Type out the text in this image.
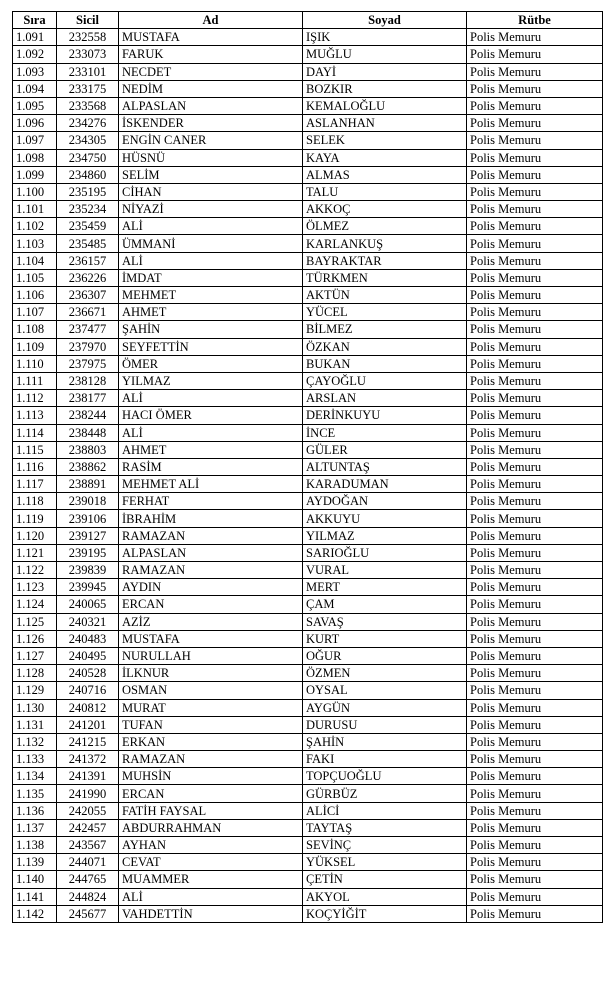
Sıra	Sicil	Ad	Soyad	Rütbe
1.091	232558	MUSTAFA	IŞIK	Polis Memuru
1.092	233073	FARUK	MUĞLU	Polis Memuru
1.093	233101	NECDET	DAYİ	Polis Memuru
1.094	233175	NEDİM	BOZKIR	Polis Memuru
1.095	233568	ALPASLAN	KEMALOĞLU	Polis Memuru
1.096	234276	İSKENDER	ASLANHAN	Polis Memuru
1.097	234305	ENGİN CANER	SELEK	Polis Memuru
1.098	234750	HÜSNÜ	KAYA	Polis Memuru
1.099	234860	SELİM	ALMAS	Polis Memuru
1.100	235195	CİHAN	TALU	Polis Memuru
1.101	235234	NİYAZİ	AKKOÇ	Polis Memuru
1.102	235459	ALİ	ÖLMEZ	Polis Memuru
1.103	235485	ÜMMANİ	KARLANKUŞ	Polis Memuru
1.104	236157	ALİ	BAYRAKTAR	Polis Memuru
1.105	236226	İMDAT	TÜRKMEN	Polis Memuru
1.106	236307	MEHMET	AKTÜN	Polis Memuru
1.107	236671	AHMET	YÜCEL	Polis Memuru
1.108	237477	ŞAHİN	BİLMEZ	Polis Memuru
1.109	237970	SEYFETTİN	ÖZKAN	Polis Memuru
1.110	237975	ÖMER	BUKAN	Polis Memuru
1.111	238128	YILMAZ	ÇAYOĞLU	Polis Memuru
1.112	238177	ALİ	ARSLAN	Polis Memuru
1.113	238244	HACI ÖMER	DERİNKUYU	Polis Memuru
1.114	238448	ALİ	İNCE	Polis Memuru
1.115	238803	AHMET	GÜLER	Polis Memuru
1.116	238862	RASİM	ALTUNTAŞ	Polis Memuru
1.117	238891	MEHMET ALİ	KARADUMAN	Polis Memuru
1.118	239018	FERHAT	AYDOĞAN	Polis Memuru
1.119	239106	İBRAHİM	AKKUYU	Polis Memuru
1.120	239127	RAMAZAN	YILMAZ	Polis Memuru
1.121	239195	ALPASLAN	SARIOĞLU	Polis Memuru
1.122	239839	RAMAZAN	VURAL	Polis Memuru
1.123	239945	AYDIN	MERT	Polis Memuru
1.124	240065	ERCAN	ÇAM	Polis Memuru
1.125	240321	AZİZ	SAVAŞ	Polis Memuru
1.126	240483	MUSTAFA	KURT	Polis Memuru
1.127	240495	NURULLAH	OĞUR	Polis Memuru
1.128	240528	İLKNUR	ÖZMEN	Polis Memuru
1.129	240716	OSMAN	OYSAL	Polis Memuru
1.130	240812	MURAT	AYGÜN	Polis Memuru
1.131	241201	TUFAN	DURUSU	Polis Memuru
1.132	241215	ERKAN	ŞAHİN	Polis Memuru
1.133	241372	RAMAZAN	FAKI	Polis Memuru
1.134	241391	MUHSİN	TOPÇUOĞLU	Polis Memuru
1.135	241990	ERCAN	GÜRBÜZ	Polis Memuru
1.136	242055	FATİH FAYSAL	ALİCİ	Polis Memuru
1.137	242457	ABDURRAHMAN	TAYTAŞ	Polis Memuru
1.138	243567	AYHAN	SEVİNÇ	Polis Memuru
1.139	244071	CEVAT	YÜKSEL	Polis Memuru
1.140	244765	MUAMMER	ÇETİN	Polis Memuru
1.141	244824	ALİ	AKYOL	Polis Memuru
1.142	245677	VAHDETTİN	KOÇYİĞİT	Polis Memuru
